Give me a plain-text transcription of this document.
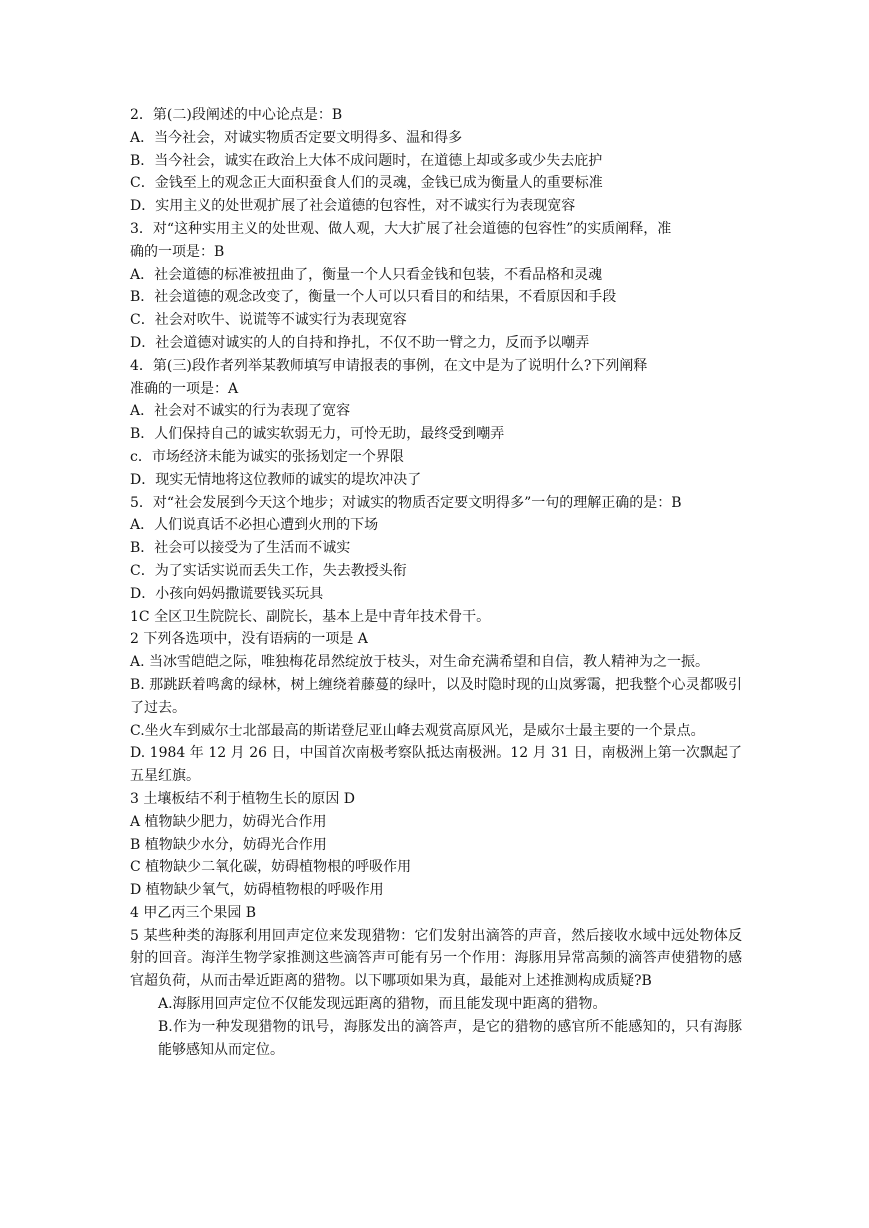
2．第(二)段阐述的中心论点是：B
A．当今社会，对诚实物质否定要文明得多、温和得多
B．当今社会，诚实在政治上大体不成问题时，在道德上却或多或少失去庇护
C．金钱至上的观念正大面积蚕食人们的灵魂，金钱已成为衡量人的重要标准
D．实用主义的处世观扩展了社会道德的包容性，对不诚实行为表现宽容
3．对“这种实用主义的处世观、做人观，大大扩展了社会道德的包容性”的实质阐释，准
确的一项是：B
A．社会道德的标准被扭曲了，衡量一个人只看金钱和包装，不看品格和灵魂
B．社会道德的观念改变了，衡量一个人可以只看目的和结果，不看原因和手段
C．社会对吹牛、说谎等不诚实行为表现宽容
D．社会道德对诚实的人的自持和挣扎，不仅不助一臂之力，反而予以嘲弄
4．第(三)段作者列举某教师填写申请报表的事例，在文中是为了说明什么?下列阐释
准确的一项是：A
A．社会对不诚实的行为表现了宽容
B．人们保持自己的诚实软弱无力，可怜无助，最终受到嘲弄
c．市场经济未能为诚实的张扬划定一个界限
D．现实无情地将这位教师的诚实的堤坎冲决了
5．对“社会发展到今天这个地步；对诚实的物质否定要文明得多”一句的理解正确的是：B
A．人们说真话不必担心遭到火刑的下场
B．社会可以接受为了生活而不诚实
C．为了实话实说而丢失工作，失去教授头衔
D．小孩向妈妈撒谎要钱买玩具
1C 全区卫生院院长、副院长，基本上是中青年技术骨干。
2 下列各选项中，没有语病的一项是 A
A. 当冰雪皑皑之际，唯独梅花昂然绽放于枝头，对生命充满希望和自信，教人精神为之一振。
B. 那跳跃着鸣禽的绿林，树上缠绕着藤蔓的绿叶，以及时隐时现的山岚雾霭，把我整个心灵都吸引了过去。
C.坐火车到威尔士北部最高的斯诺登尼亚山峰去观赏高原风光，是威尔士最主要的一个景点。
D. 1984 年 12 月 26 日，中国首次南极考察队抵达南极洲。12 月 31 日，南极洲上第一次飘起了五星红旗。
3 土壤板结不利于植物生长的原因 D
A 植物缺少肥力，妨碍光合作用
B 植物缺少水分，妨碍光合作用
C 植物缺少二氧化碳，妨碍植物根的呼吸作用
D 植物缺少氧气，妨碍植物根的呼吸作用
4 甲乙丙三个果园 B
5 某些种类的海豚利用回声定位来发现猎物：它们发射出滴答的声音，然后接收水域中远处物体反射的回音。海洋生物学家推测这些滴答声可能有另一个作用：海豚用异常高频的滴答声使猎物的感官超负荷，从而击晕近距离的猎物。以下哪项如果为真，最能对上述推测构成质疑?B
A.海豚用回声定位不仅能发现远距离的猎物，而且能发现中距离的猎物。
B.作为一种发现猎物的讯号，海豚发出的滴答声，是它的猎物的感官所不能感知的，只有海豚能够感知从而定位。
